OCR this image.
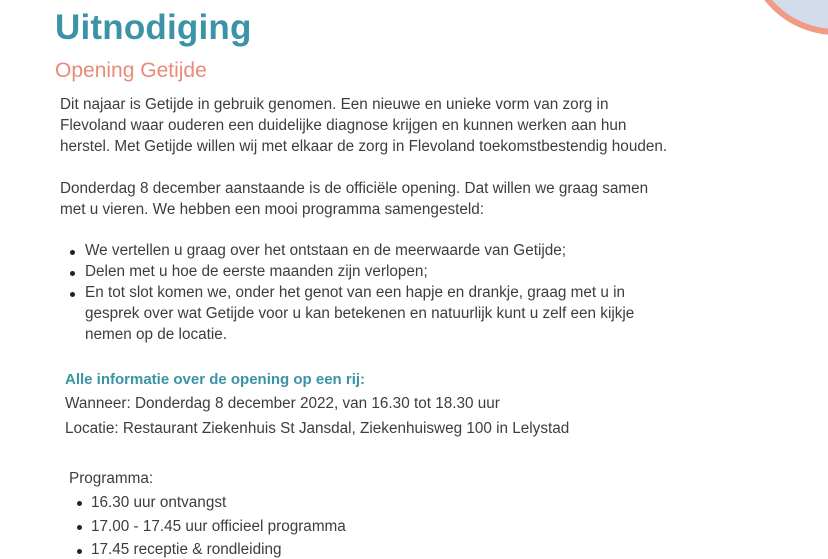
Uitnodiging
Opening Getijde
Dit najaar is Getijde in gebruik genomen. Een nieuwe en unieke vorm van zorg in
Flevoland waar ouderen een duidelijke diagnose krijgen en kunnen werken aan hun
herstel. Met Getijde willen wij met elkaar de zorg in Flevoland toekomstbestendig houden.
Donderdag 8 december aanstaande is de officiële opening. Dat willen we graag samen
met u vieren. We hebben een mooi programma samengesteld:
We vertellen u graag over het ontstaan en de meerwaarde van Getijde;
Delen met u hoe de eerste maanden zijn verlopen;
En tot slot komen we, onder het genot van een hapje en drankje, graag met u in
gesprek over wat Getijde voor u kan betekenen en natuurlijk kunt u zelf een kijkje
nemen op de locatie.
Alle informatie over de opening op een rij:
Wanneer: Donderdag 8 december 2022, van 16.30 tot 18.30 uur
Locatie: Restaurant Ziekenhuis St Jansdal, Ziekenhuisweg 100 in Lelystad
Programma:
16.30 uur ontvangst
17.00 - 17.45 uur officieel programma
17.45 receptie & rondleiding
